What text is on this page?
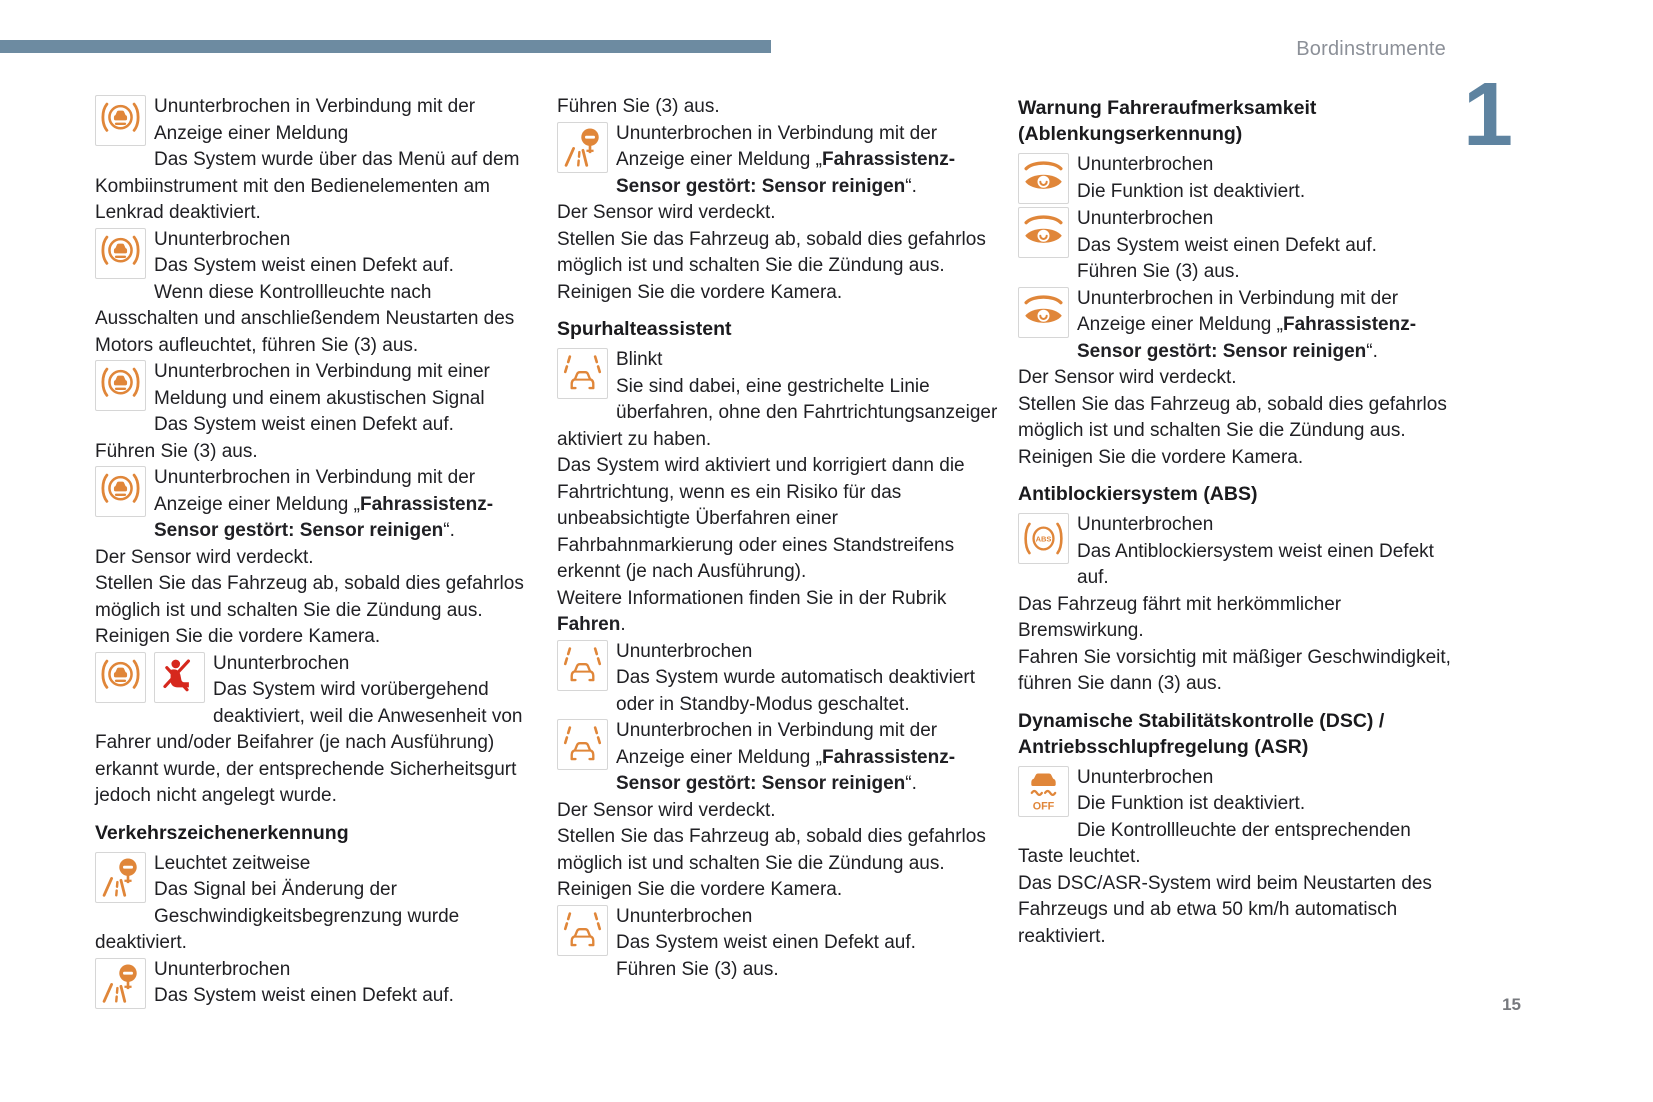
Bordinstrumente
1
Ununterbrochen in Verbindung mit der Anzeige einer Meldung
Das System wurde über das Menü auf dem Kombiinstrument mit den Bedienelementen am Lenkrad deaktiviert.
Ununterbrochen
Das System weist einen Defekt auf.
Wenn diese Kontrollleuchte nach Ausschalten und anschließendem Neustarten des Motors aufleuchtet, führen Sie (3) aus.
Ununterbrochen in Verbindung mit einer Meldung und einem akustischen Signal
Das System weist einen Defekt auf.
Führen Sie (3) aus.
Ununterbrochen in Verbindung mit der Anzeige einer Meldung „Fahrassistenz-Sensor gestört: Sensor reinigen“.
Der Sensor wird verdeckt.
Stellen Sie das Fahrzeug ab, sobald dies gefahrlos möglich ist und schalten Sie die Zündung aus.
Reinigen Sie die vordere Kamera.
Ununterbrochen
Das System wird vorübergehend deaktiviert, weil die Anwesenheit von Fahrer und/oder Beifahrer (je nach Ausführung) erkannt wurde, der entsprechende Sicherheitsgurt jedoch nicht angelegt wurde.
Verkehrszeichenerkennung
Leuchtet zeitweise
Das Signal bei Änderung der Geschwindigkeitsbegrenzung wurde deaktiviert.
Ununterbrochen
Das System weist einen Defekt auf.
Führen Sie (3) aus.
Ununterbrochen in Verbindung mit der Anzeige einer Meldung „Fahrassistenz-Sensor gestört: Sensor reinigen“.
Der Sensor wird verdeckt.
Stellen Sie das Fahrzeug ab, sobald dies gefahrlos möglich ist und schalten Sie die Zündung aus.
Reinigen Sie die vordere Kamera.
Spurhalteassistent
Blinkt
Sie sind dabei, eine gestrichelte Linie überfahren, ohne den Fahrtrichtungsanzeiger aktiviert zu haben.
Das System wird aktiviert und korrigiert dann die Fahrtrichtung, wenn es ein Risiko für das unbeabsichtigte Überfahren einer Fahrbahnmarkierung oder eines Standstreifens erkennt (je nach Ausführung).
Weitere Informationen finden Sie in der Rubrik Fahren.
Ununterbrochen
Das System wurde automatisch deaktiviert oder in Standby-Modus geschaltet.
Ununterbrochen in Verbindung mit der Anzeige einer Meldung „Fahrassistenz-Sensor gestört: Sensor reinigen“.
Der Sensor wird verdeckt.
Stellen Sie das Fahrzeug ab, sobald dies gefahrlos möglich ist und schalten Sie die Zündung aus.
Reinigen Sie die vordere Kamera.
Ununterbrochen
Das System weist einen Defekt auf.
Führen Sie (3) aus.
Warnung Fahreraufmerksamkeit (Ablenkungserkennung)
Ununterbrochen
Die Funktion ist deaktiviert.
Ununterbrochen
Das System weist einen Defekt auf.
Führen Sie (3) aus.
Ununterbrochen in Verbindung mit der Anzeige einer Meldung „Fahrassistenz-Sensor gestört: Sensor reinigen“.
Der Sensor wird verdeckt.
Stellen Sie das Fahrzeug ab, sobald dies gefahrlos möglich ist und schalten Sie die Zündung aus.
Reinigen Sie die vordere Kamera.
Antiblockiersystem (ABS)
Ununterbrochen
Das Antiblockiersystem weist einen Defekt auf.
Das Fahrzeug fährt mit herkömmlicher Bremswirkung.
Fahren Sie vorsichtig mit mäßiger Geschwindigkeit, führen Sie dann (3) aus.
Dynamische Stabilitätskontrolle (DSC) / Antriebsschlupfregelung (ASR)
Ununterbrochen
Die Funktion ist deaktiviert.
Die Kontrollleuchte der entsprechenden Taste leuchtet.
Das DSC/ASR-System wird beim Neustarten des Fahrzeugs und ab etwa 50 km/h automatisch reaktiviert.
15
